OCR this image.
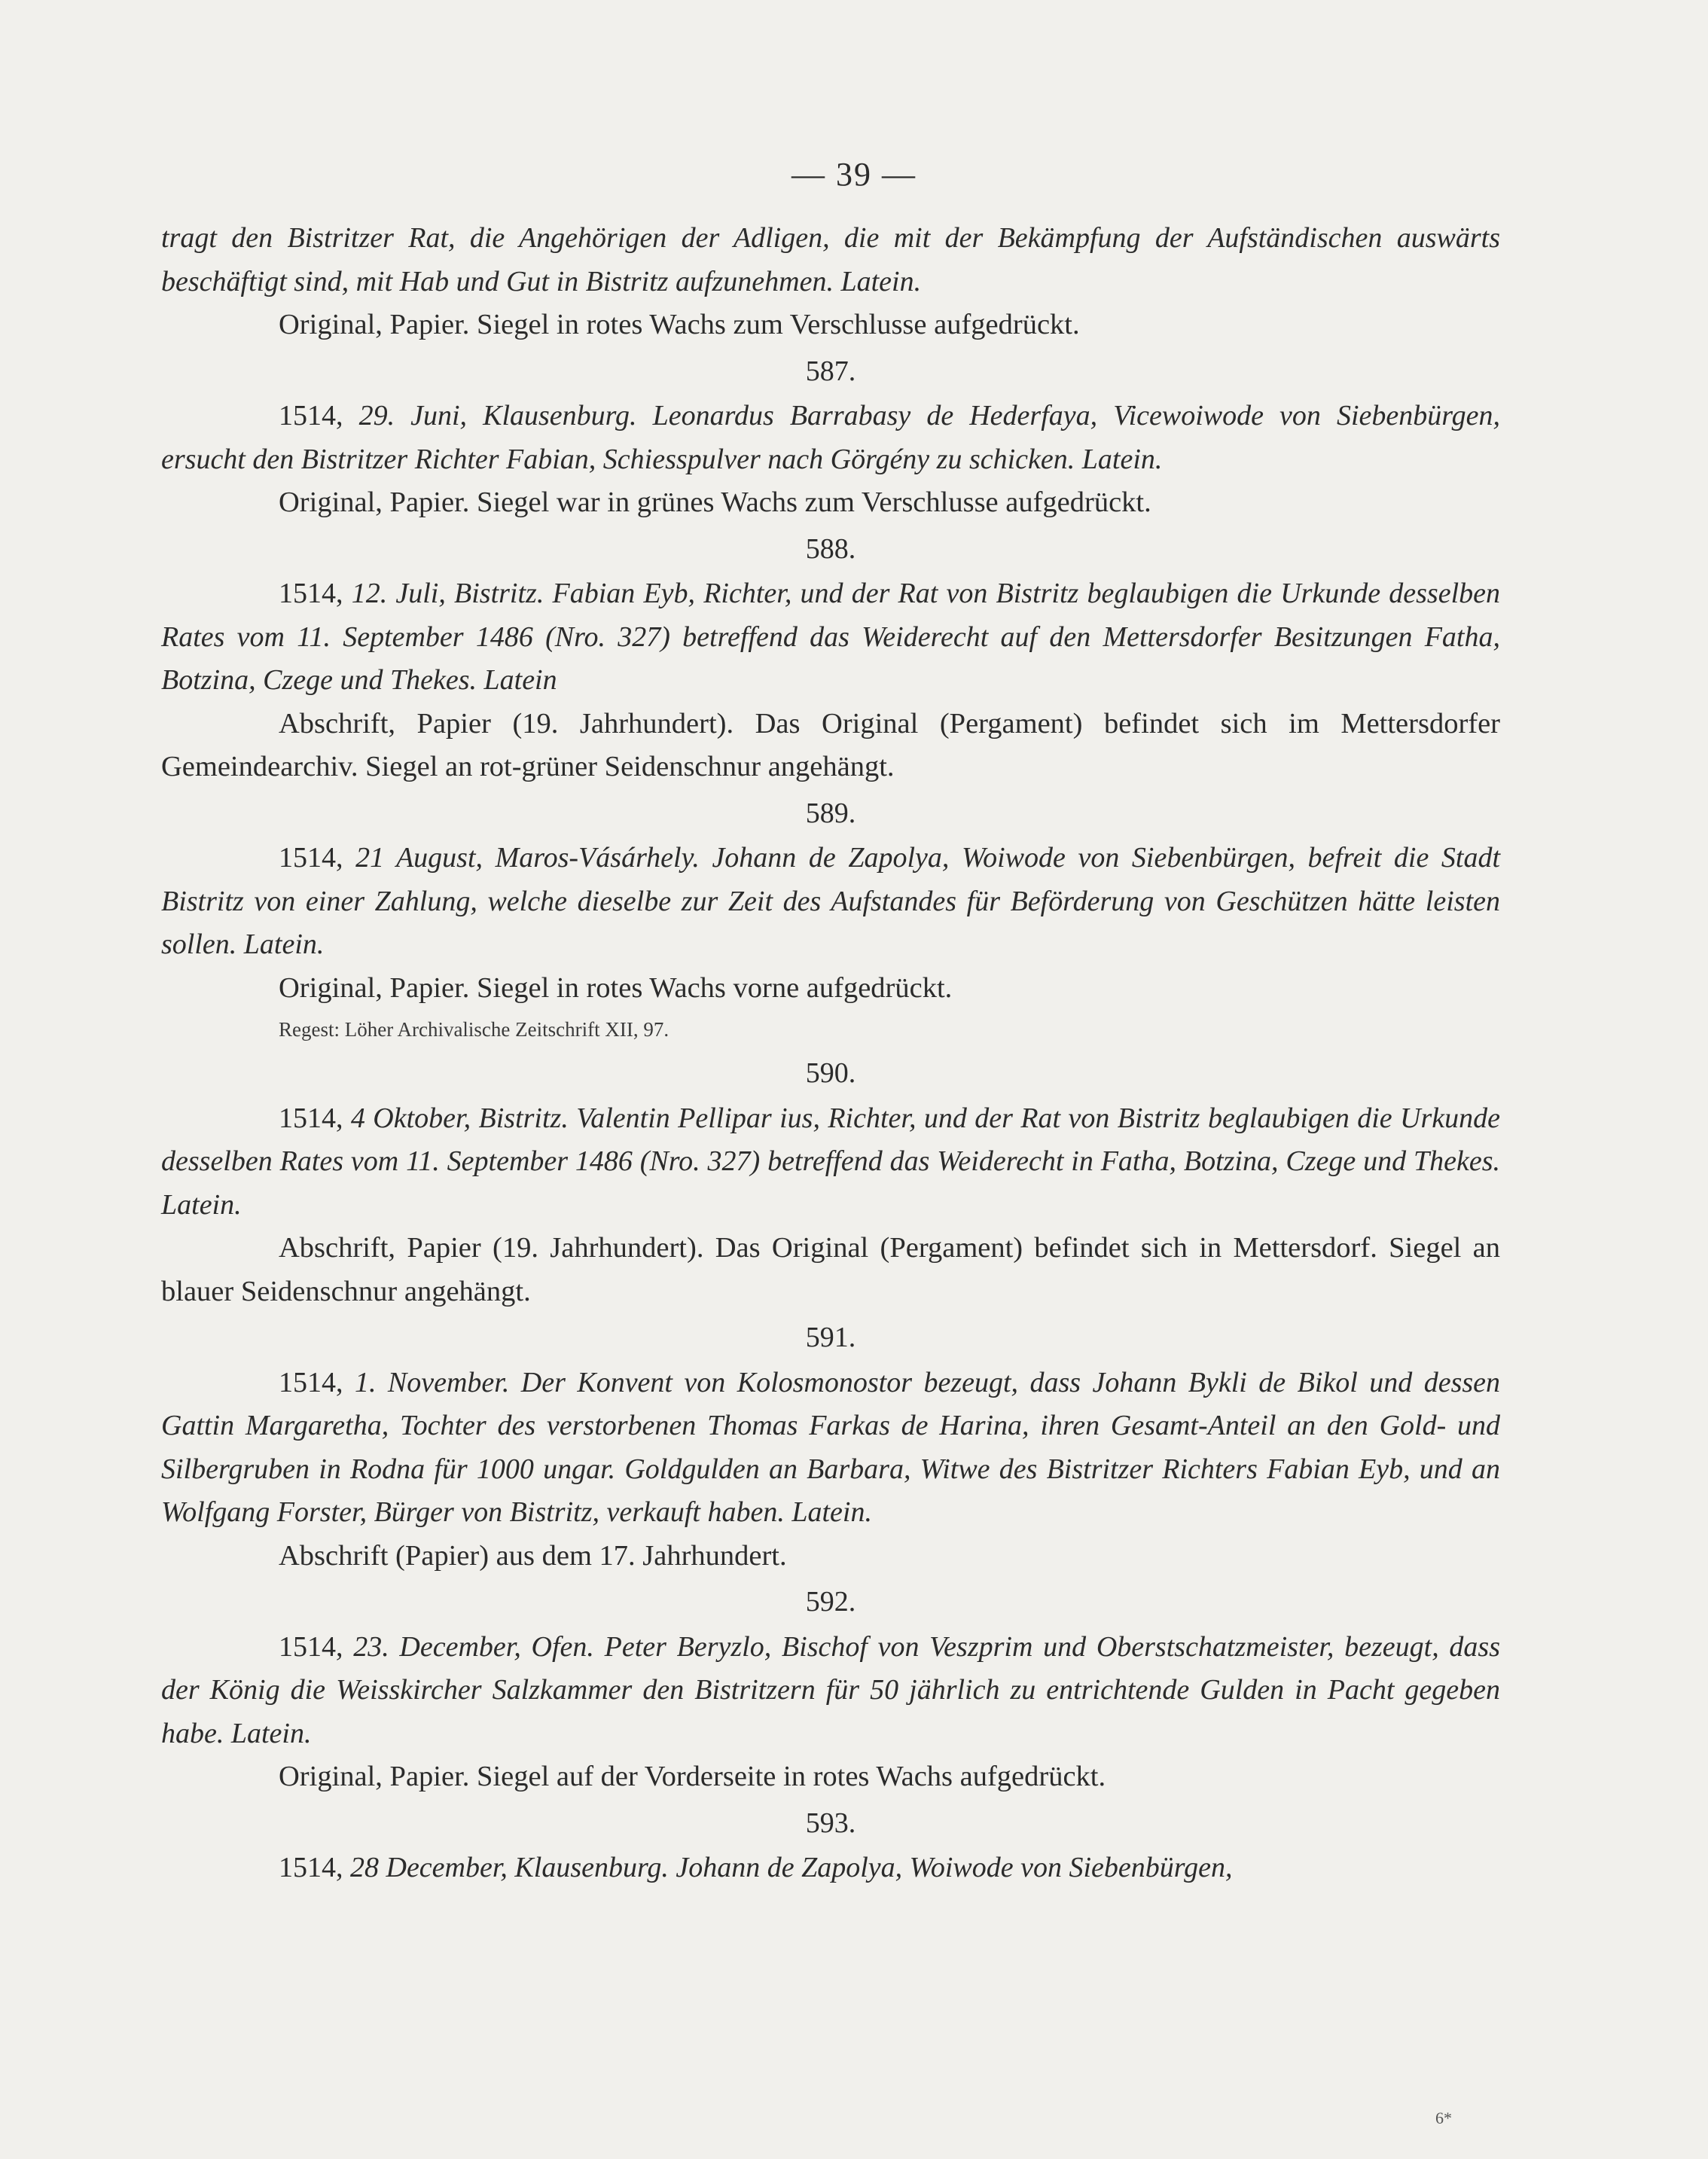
— 39 —

tragt den Bistritzer Rat, die Angehörigen der Adligen, die mit der Bekämpfung der Aufständischen auswärts beschäftigt sind, mit Hab und Gut in Bistritz aufzunehmen. Latein.

Original, Papier. Siegel in rotes Wachs zum Verschlusse aufgedrückt.

587.

1514, 29. Juni, Klausenburg. Leonardus Barrabasy de Hederfaya, Vicewoiwode von Siebenbürgen, ersucht den Bistritzer Richter Fabian, Schiesspulver nach Görgény zu schicken. Latein.

Original, Papier. Siegel war in grünes Wachs zum Verschlusse aufgedrückt.

588.

1514, 12. Juli, Bistritz. Fabian Eyb, Richter, und der Rat von Bistritz beglaubigen die Urkunde desselben Rates vom 11. September 1486 (Nro. 327) betreffend das Weiderecht auf den Mettersdorfer Besitzungen Fatha, Botzina, Czege und Thekes. Latein

Abschrift, Papier (19. Jahrhundert). Das Original (Pergament) befindet sich im Mettersdorfer Gemeindearchiv. Siegel an rot-grüner Seidenschnur angehängt.

589.

1514, 21 August, Maros-Vásárhely. Johann de Zapolya, Woiwode von Siebenbürgen, befreit die Stadt Bistritz von einer Zahlung, welche dieselbe zur Zeit des Aufstandes für Beförderung von Geschützen hätte leisten sollen. Latein.

Original, Papier. Siegel in rotes Wachs vorne aufgedrückt.

Regest: Löher Archivalische Zeitschrift XII, 97.

590.

1514, 4 Oktober, Bistritz. Valentin Pellipar ius, Richter, und der Rat von Bistritz beglaubigen die Urkunde desselben Rates vom 11. September 1486 (Nro. 327) betreffend das Weiderecht in Fatha, Botzina, Czege und Thekes. Latein.

Abschrift, Papier (19. Jahrhundert). Das Original (Pergament) befindet sich in Mettersdorf. Siegel an blauer Seidenschnur angehängt.

591.

1514, 1. November. Der Konvent von Kolosmonostor bezeugt, dass Johann Bykli de Bikol und dessen Gattin Margaretha, Tochter des verstorbenen Thomas Farkas de Harina, ihren Gesamt-Anteil an den Gold- und Silbergruben in Rodna für 1000 ungar. Goldgulden an Barbara, Witwe des Bistritzer Richters Fabian Eyb, und an Wolfgang Forster, Bürger von Bistritz, verkauft haben. Latein.

Abschrift (Papier) aus dem 17. Jahrhundert.

592.

1514, 23. December, Ofen. Peter Beryzlo, Bischof von Veszprim und Oberstschatzmeister, bezeugt, dass der König die Weisskircher Salzkammer den Bistritzern für 50 jährlich zu entrichtende Gulden in Pacht gegeben habe. Latein.

Original, Papier. Siegel auf der Vorderseite in rotes Wachs aufgedrückt.

593.

1514, 28 December, Klausenburg. Johann de Zapolya, Woiwode von Siebenbürgen,

6*
